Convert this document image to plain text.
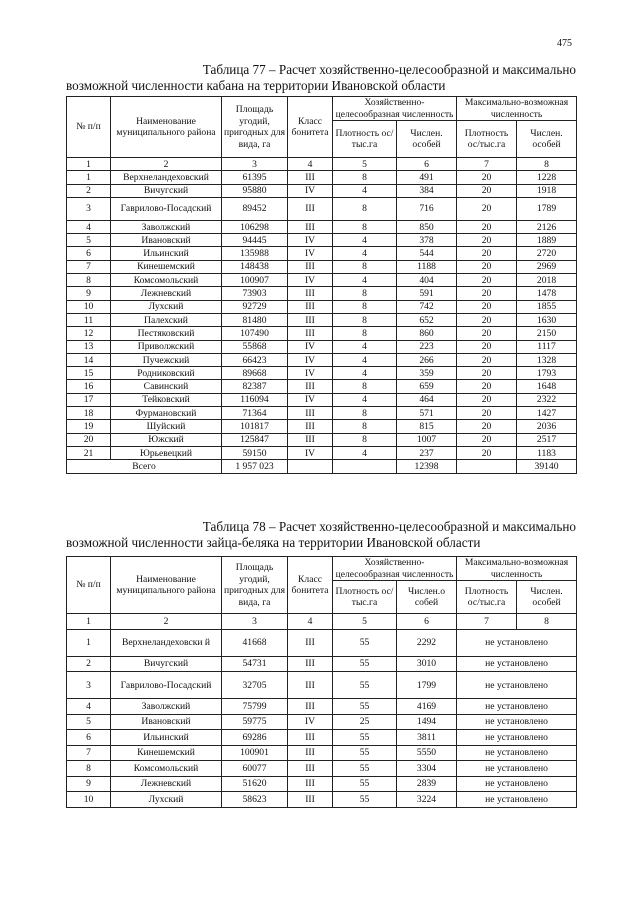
475
Таблица 77 – Расчет хозяйственно-целесообразной и максимально
возможной численности кабана на территории Ивановской области
№ п/п	Наименование муниципального района	Площадь угодий, пригодных для вида, га	Класс бонитета	Хозяйственно-целесообразная численность		Максимально-возможная численность	
				Плотность ос/тыс.га	Числен. особей	Плотность ос/тыс.га	Числен. особей
1	2	3	4	5	6	7	8
1	Верхнеландеховский	61395	III	8	491	20	1228
2	Вичугский	95880	IV	4	384	20	1918
3	Гаврилово-Посадский	89452	III	8	716	20	1789
4	Заволжский	106298	III	8	850	20	2126
5	Ивановский	94445	IV	4	378	20	1889
6	Ильинский	135988	IV	4	544	20	2720
7	Кинешемский	148438	III	8	1188	20	2969
8	Комсомольский	100907	IV	4	404	20	2018
9	Лежневский	73903	III	8	591	20	1478
10	Лухский	92729	III	8	742	20	1855
11	Палехский	81480	III	8	652	20	1630
12	Пестяковский	107490	III	8	860	20	2150
13	Приволжский	55868	IV	4	223	20	1117
14	Пучежский	66423	IV	4	266	20	1328
15	Родниковский	89668	IV	4	359	20	1793
16	Савинский	82387	III	8	659	20	1648
17	Тейковский	116094	IV	4	464	20	2322
18	Фурмановский	71364	III	8	571	20	1427
19	Шуйский	101817	III	8	815	20	2036
20	Южский	125847	III	8	1007	20	2517
21	Юрьевецкий	59150	IV	4	237	20	1183
Всего		1 957 023			12398		39140
Таблица 78 – Расчет хозяйственно-целесообразной и максимально
возможной численности зайца-беляка на территории Ивановской области
№ п/п	Наименование муниципального района	Площадь угодий, пригодных для вида, га	Класс бонитета	Хозяйственно-целесообразная численность		Максимально-возможная численность	
				Плотность ос/тыс.га	Числен.о собей	Плотность ос/тыс.га	Числен. особей
1	2	3	4	5	6	7	8
1	Верхнеландеховски й	41668	III	55	2292	не установлено	
2	Вичугский	54731	III	55	3010	не установлено	
3	Гаврилово-Посадский	32705	III	55	1799	не установлено	
4	Заволжский	75799	III	55	4169	не установлено	
5	Ивановский	59775	IV	25	1494	не установлено	
6	Ильинский	69286	III	55	3811	не установлено	
7	Кинешемский	100901	III	55	5550	не установлено	
8	Комсомольский	60077	III	55	3304	не установлено	
9	Лежневский	51620	III	55	2839	не установлено	
10	Лухский	58623	III	55	3224	не установлено	
